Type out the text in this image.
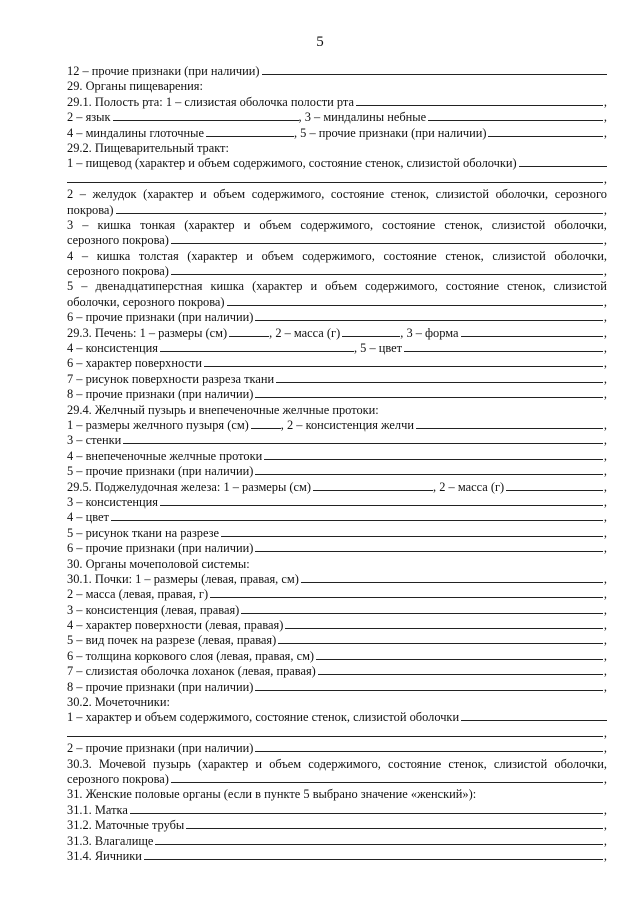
5
12 – прочие признаки (при наличии)
29. Органы пищеварения:
29.1. Полость рта: 1 – слизистая оболочка полости рта	,
2 – язык	, 3 – миндалины небные	,
4 – миндалины глоточные	, 5 – прочие признаки (при наличии)	,
29.2. Пищеварительный тракт:
1 – пищевод (характер и объем содержимого, состояние стенок, слизистой оболочки)
,
2 – желудок (характер и объем содержимого, состояние стенок, слизистой оболочки, серозного
покрова)	,
3 – кишка тонкая (характер и объем содержимого, состояние стенок, слизистой оболочки,
серозного покрова)	,
4 – кишка толстая (характер и объем содержимого, состояние стенок, слизистой оболочки,
серозного покрова)	,
5 – двенадцатиперстная кишка (характер и объем содержимого, состояние стенок, слизистой
оболочки, серозного покрова)	,
6 – прочие признаки (при наличии)	,
29.3. Печень: 1 – размеры (см)	, 2 – масса (г)	, 3 – форма	,
4 – консистенция	, 5 – цвет	,
6 – характер поверхности	,
7 – рисунок поверхности разреза ткани	,
8 – прочие признаки (при наличии)	,
29.4. Желчный пузырь и внепеченочные желчные протоки:
1 – размеры желчного пузыря (см)	, 2 – консистенция желчи	,
3 – стенки	,
4 – внепеченочные желчные протоки	,
5 – прочие признаки (при наличии)	,
29.5. Поджелудочная железа: 1 – размеры (см)	, 2 – масса (г)	,
3 – консистенция	,
4 – цвет	,
5 – рисунок ткани на разрезе	,
6 – прочие признаки (при наличии)	,
30. Органы мочеполовой системы:
30.1. Почки: 1 – размеры (левая, правая, см)	,
2 – масса (левая, правая, г)	,
3 – консистенция (левая, правая)	,
4 – характер поверхности (левая, правая)	,
5 – вид почек на разрезе (левая, правая)	,
6 – толщина коркового слоя (левая, правая, см)	,
7 – слизистая оболочка лоханок (левая, правая)	,
8 – прочие признаки (при наличии)	,
30.2. Мочеточники:
1 – характер и объем содержимого, состояние стенок, слизистой оболочки
,
2 – прочие признаки (при наличии)	,
30.3. Мочевой пузырь (характер и объем содержимого, состояние стенок, слизистой оболочки,
серозного покрова)	,
31. Женские половые органы (если в пункте 5 выбрано значение «женский»):
31.1. Матка	,
31.2. Маточные трубы	,
31.3. Влагалище	,
31.4. Яичники	,
